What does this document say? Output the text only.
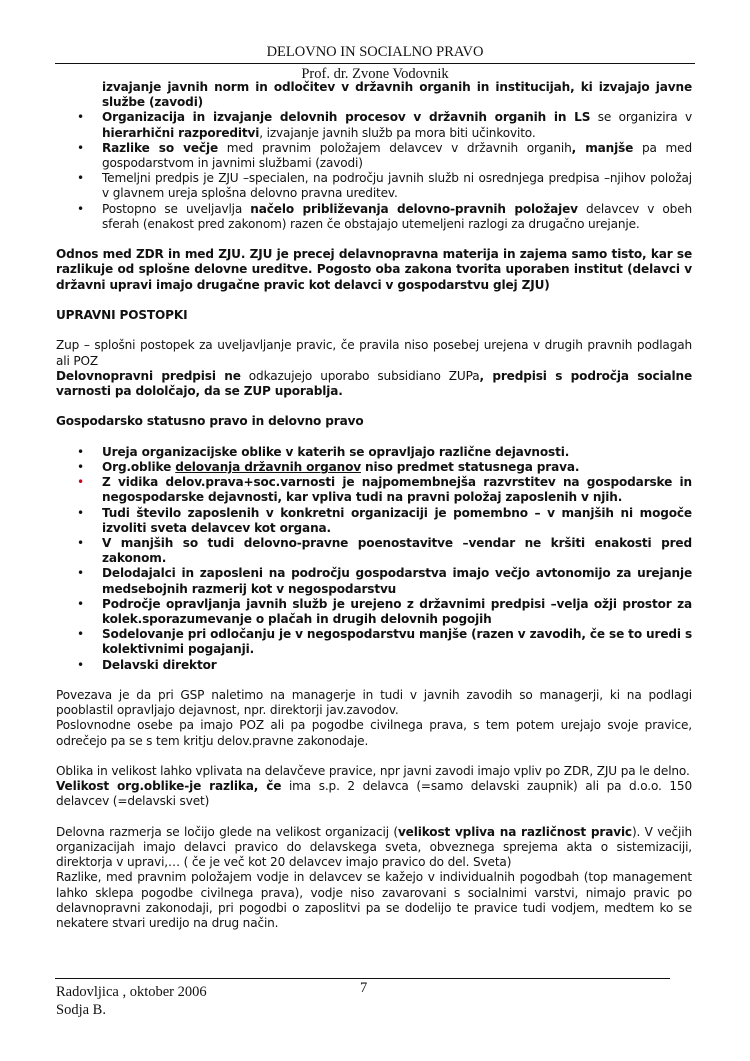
DELOVNO IN SOCIALNO PRAVO
Prof. dr. Zvone Vodovnik

izvajanje javnih norm in odločitev v državnih organih in institucijah, ki izvajajo javne službe (zavodi)

• Organizacija in izvajanje delovnih procesov v državnih organih in LS se organizira v hierarhični razporeditvi, izvajanje javnih služb pa mora biti učinkovito.
• Razlike so večje med pravnim položajem delavcev v državnih organih, manjše pa med gospodarstvom in javnimi službami (zavodi)
• Temeljni predpis je ZJU –specialen, na področju javnih služb ni osrednjega predpisa –njihov položaj v glavnem ureja splošna delovno pravna ureditev.
• Postopno se uveljavlja načelo približevanja delovno-pravnih položajev delavcev v obeh sferah (enakost pred zakonom) razen če obstajajo utemeljeni razlogi za drugačno urejanje.

Odnos med ZDR in med ZJU. ZJU je precej delavnopravna materija in zajema samo tisto, kar se razlikuje od splošne delovne ureditve. Pogosto oba zakona tvorita uporaben institut (delavci v državni upravi imajo drugačne pravic kot delavci v gospodarstvu glej ZJU)

UPRAVNI POSTOPKI

Zup – splošni postopek za uveljavljanje pravic, če pravila niso posebej urejena v drugih pravnih podlagah ali POZ

Delovnopravni predpisi ne odkazujejo uporabo subsidiano ZUPa, predpisi s področja socialne varnosti pa dololčajo, da se ZUP uporablja.

Gospodarsko statusno pravo in delovno pravo

• Ureja organizacijske oblike v katerih se opravljajo različne dejavnosti.
• Org.oblike delovanja državnih organov niso predmet statusnega prava.
• Z vidika delov.prava+soc.varnosti je najpomembnejša razvrstitev na gospodarske in negospodarske dejavnosti, kar vpliva tudi na pravni položaj zaposlenih v njih.
• Tudi število zaposlenih v konkretni organizaciji je pomembno – v manjših ni mogoče izvoliti sveta delavcev kot organa.
• V manjših so tudi delovno-pravne poenostavitve –vendar ne kršiti enakosti pred zakonom.
• Delodajalci in zaposleni na področju gospodarstva imajo večjo avtonomijo za urejanje medsebojnih razmerij kot v negospodarstvu
• Področje opravljanja javnih služb je urejeno z državnimi predpisi –velja ožji prostor za kolek.sporazumevanje o plačah in drugih delovnih pogojih
• Sodelovanje pri odločanju je v negospodarstvu manjše (razen v zavodih, če se to uredi s kolektivnimi pogajanji.
• Delavski direktor

Povezava je da pri GSP naletimo na managerje in tudi v javnih zavodih so managerji, ki na podlagi pooblastil opravljajo dejavnost, npr. direktorji jav.zavodov.

Poslovnodne osebe pa imajo POZ ali pa pogodbe civilnega prava, s tem potem urejajo svoje pravice, odrečejo pa se s tem kritju delov.pravne zakonodaje.

Oblika in velikost lahko vplivata na delavčeve pravice, npr javni zavodi imajo vpliv po ZDR, ZJU pa le delno.

Velikost org.oblike-je razlika, če ima s.p. 2 delavca (=samo delavski zaupnik) ali pa d.o.o. 150 delavcev (=delavski svet)

Delovna razmerja se ločijo glede na velikost organizacij (velikost vpliva na različnost pravic). V večjih organizacijah imajo delavci pravico do delavskega sveta, obveznega sprejema akta o sistemizaciji, direktorja v upravi,… ( če je več kot 20 delavcev imajo pravico do del. Sveta)

Razlike, med pravnim položajem vodje in delavcev se kažejo v individualnih pogodbah (top management lahko sklepa pogodbe civilnega prava), vodje niso zavarovani s socialnimi varstvi, nimajo pravic po delavnopravni zakonodaji, pri pogodbi o zaposlitvi pa se dodelijo te pravice tudi vodjem, medtem ko se nekatere stvari uredijo na drug način.

Radovljica , oktober 2006
Sodja B.
7
